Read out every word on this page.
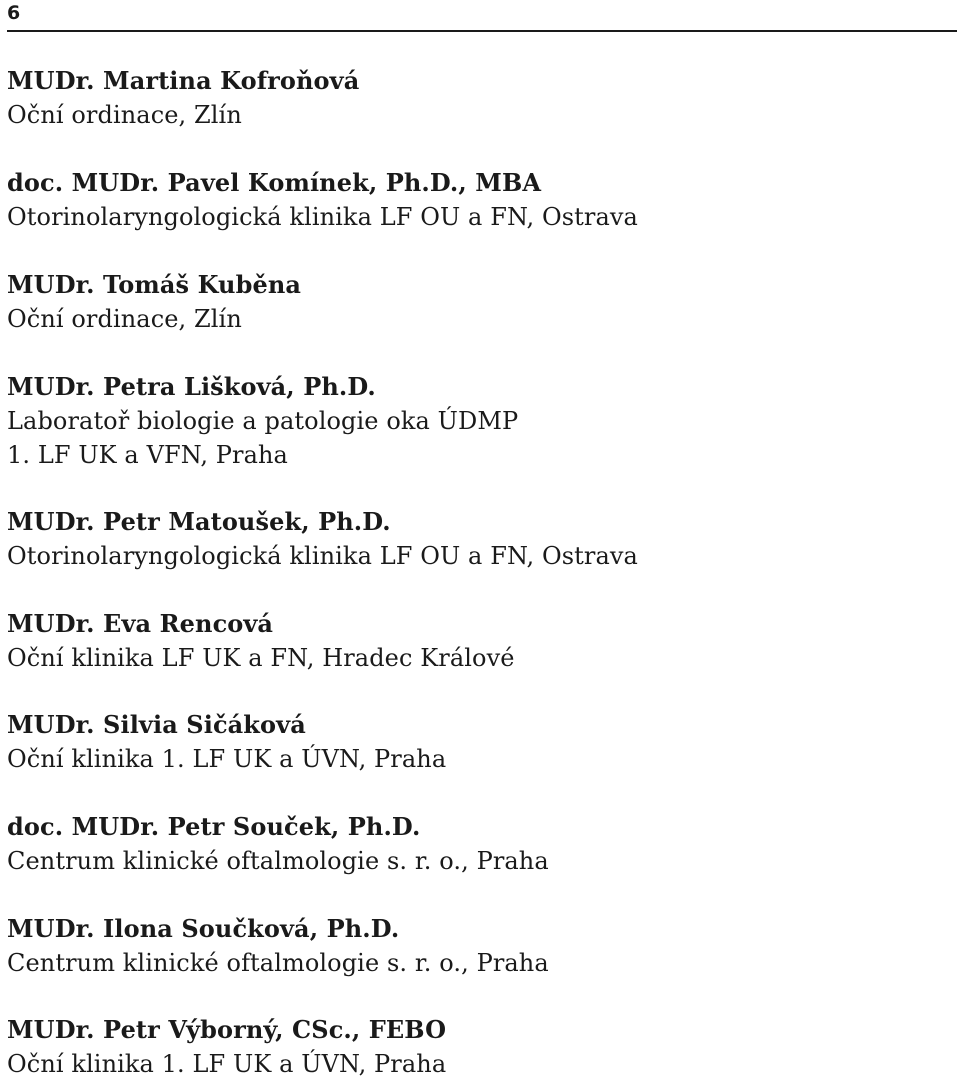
6
MUDr. Martina Kofroňová
Oční ordinace, Zlín
doc. MUDr. Pavel Komínek, Ph.D., MBA
Otorinolaryngologická klinika LF OU a FN, Ostrava
MUDr. Tomáš Kuběna
Oční ordinace, Zlín
MUDr. Petra Lišková, Ph.D.
Laboratoř biologie a patologie oka ÚDMP
1. LF UK a VFN, Praha
MUDr. Petr Matoušek, Ph.D.
Otorinolaryngologická klinika LF OU a FN, Ostrava
MUDr. Eva Rencová
Oční klinika LF UK a FN, Hradec Králové
MUDr. Silvia Sičáková
Oční klinika 1. LF UK a ÚVN, Praha
doc. MUDr. Petr Souček, Ph.D.
Centrum klinické oftalmologie s. r. o., Praha
MUDr. Ilona Součková, Ph.D.
Centrum klinické oftalmologie s. r. o., Praha
MUDr. Petr Výborný, CSc., FEBO
Oční klinika 1. LF UK a ÚVN, Praha
